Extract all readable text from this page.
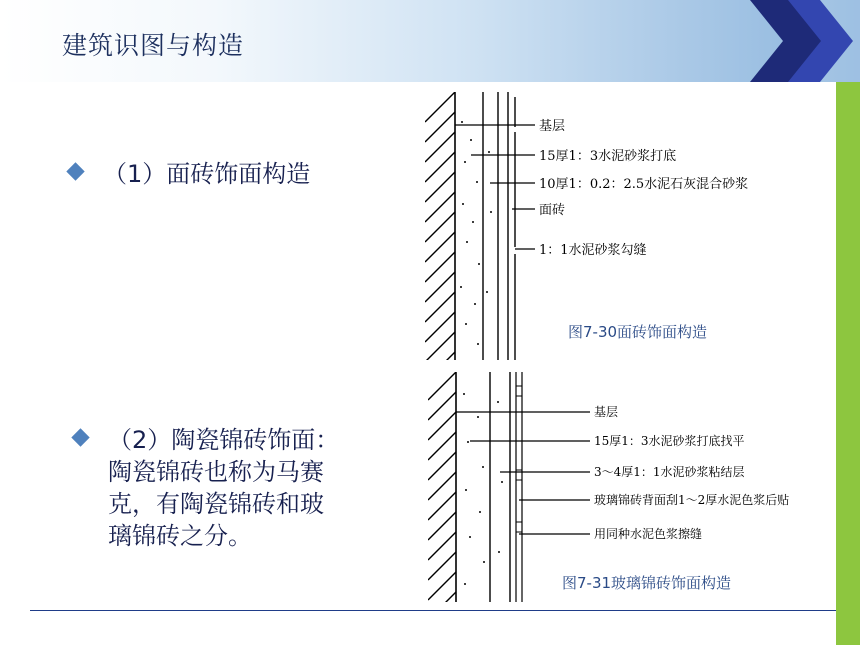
建筑识图与构造
（1）面砖饰面构造
（2）陶瓷锦砖饰面：
陶瓷锦砖也称为马赛
克，有陶瓷锦砖和玻
璃锦砖之分。
基层
15厚1：3水泥砂浆打底
10厚1：0.2：2.5水泥石灰混合砂浆
面砖
1：1水泥砂浆勾缝
图7-30面砖饰面构造
基层
15厚1：3水泥砂浆打底找平
3～4厚1：1水泥砂浆粘结层
玻璃锦砖背面刮1～2厚水泥色浆后贴
用同种水泥色浆擦缝
图7-31玻璃锦砖饰面构造
